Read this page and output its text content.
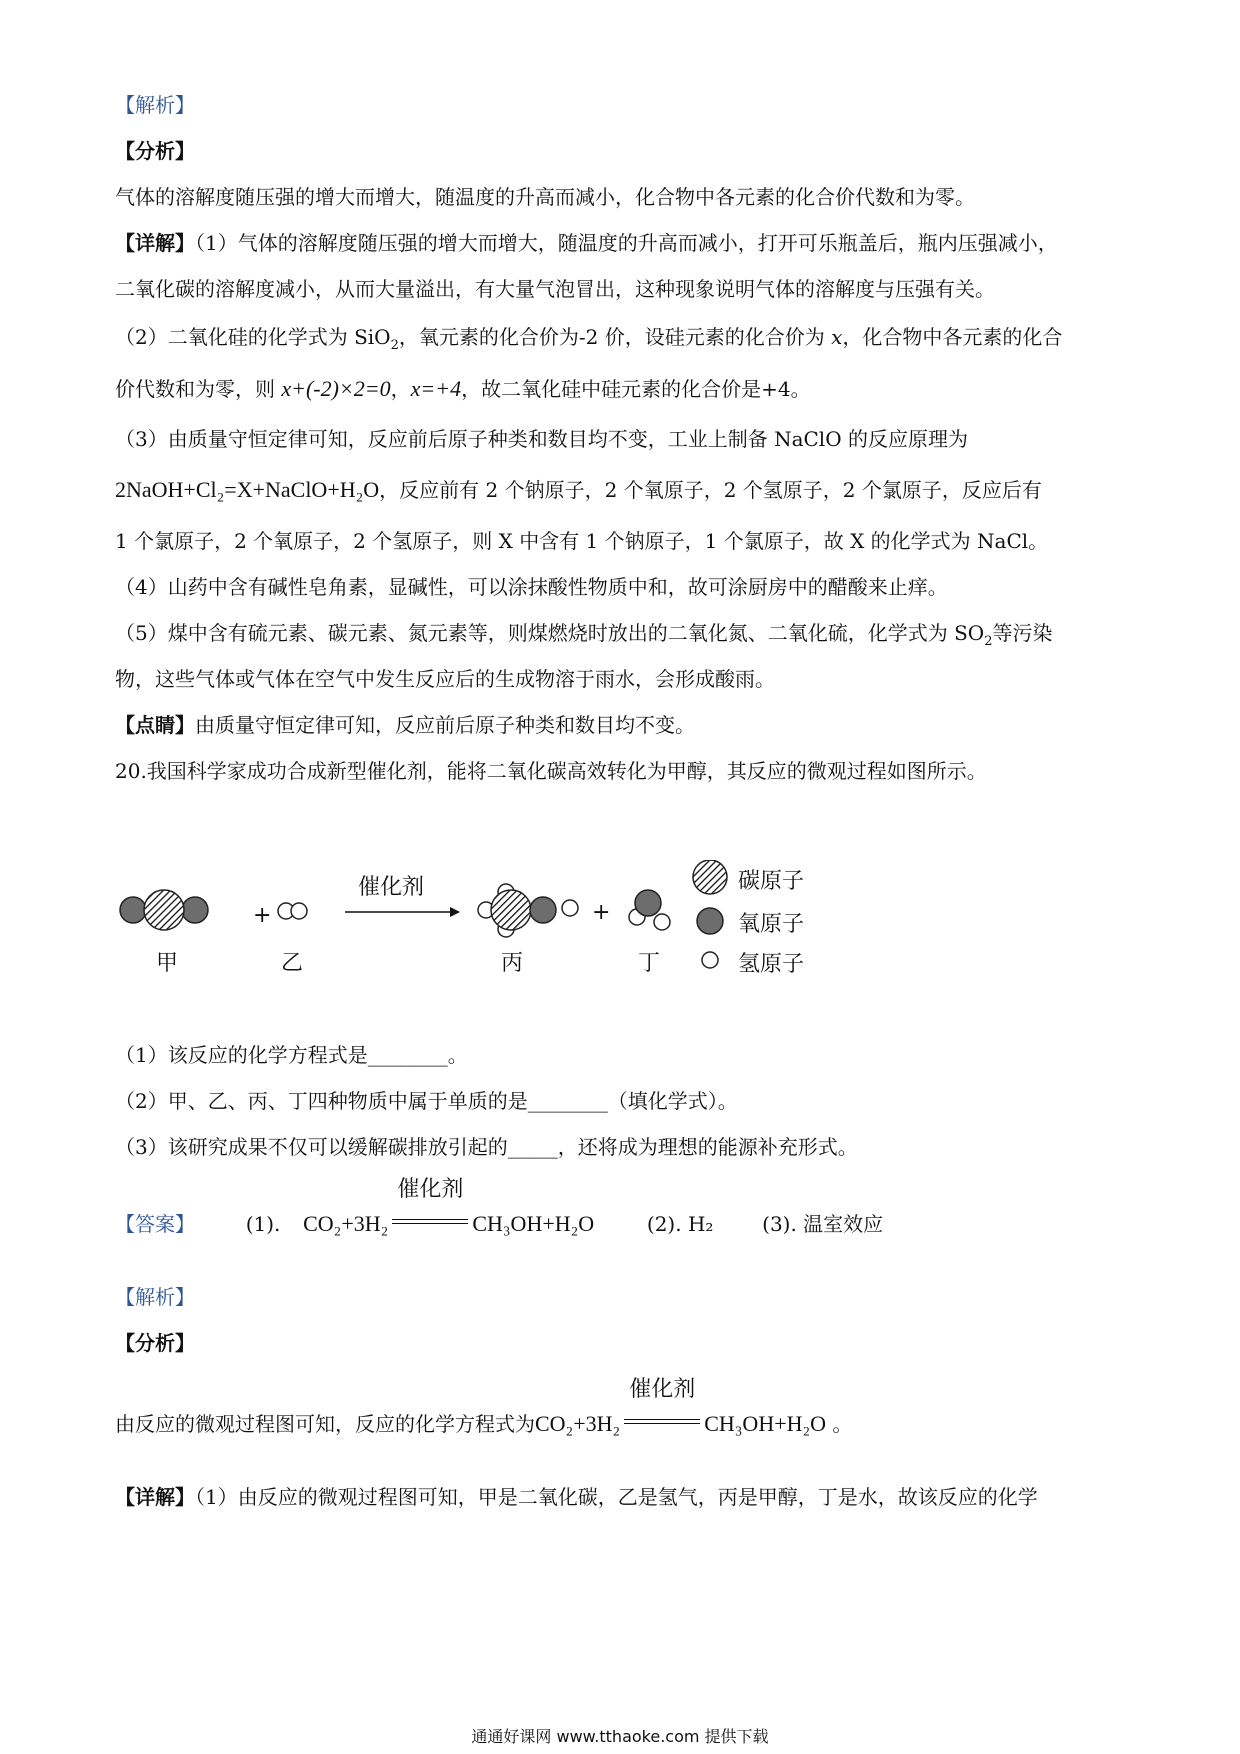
【解析】
【分析】
气体的溶解度随压强的增大而增大，随温度的升高而减小，化合物中各元素的化合价代数和为零。
【详解】（1）气体的溶解度随压强的增大而增大，随温度的升高而减小，打开可乐瓶盖后，瓶内压强减小，
二氧化碳的溶解度减小，从而大量溢出，有大量气泡冒出，这种现象说明气体的溶解度与压强有关。
（2）二氧化硅的化学式为 SiO$_2$，氧元素的化合价为-2 价，设硅元素的化合价为 x，化合物中各元素的化合
价代数和为零，则 x+(-2)×2=0，x=+4，故二氧化硅中硅元素的化合价是+4。
（3）由质量守恒定律可知，反应前后原子种类和数目均不变，工业上制备 NaClO 的反应原理为
2NaOH+Cl₂=X+NaClO+H₂O，反应前有 2 个钠原子，2 个氧原子，2 个氢原子，2 个氯原子，反应后有
1 个氯原子，2 个氧原子，2 个氢原子，则 X 中含有 1 个钠原子，1 个氯原子，故 X 的化学式为 NaCl。
（4）山药中含有碱性皂角素，显碱性，可以涂抹酸性物质中和，故可涂厨房中的醋酸来止痒。
（5）煤中含有硫元素、碳元素、氮元素等，则煤燃烧时放出的二氧化氮、二氧化硫，化学式为 $SO_2$等污染
物，这些气体或气体在空气中发生反应后的生成物溶于雨水，会形成酸雨。
【点睛】由质量守恒定律可知，反应前后原子种类和数目均不变。
20.我国科学家成功合成新型催化剂，能将二氧化碳高效转化为甲醇，其反应的微观过程如图所示。
甲
+
乙
催化剂
丙
+
丁
碳原子
氧原子
氢原子
（1）该反应的化学方程式是________。
（2）甲、乙、丙、丁四种物质中属于单质的是________（填化学式）。
（3）该研究成果不仅可以缓解碳排放引起的_____，还将成为理想的能源补充形式。
【答案】	(1). CO₂+3H₂
催化剂
CH₃OH+H₂O	(2). H₂ (3). 温室效应
【解析】
【分析】
由反应的微观过程图可知，反应的化学方程式为CO₂+3H₂
催化剂
CH₃OH+H₂O 。
【详解】（1）由反应的微观过程图可知，甲是二氧化碳，乙是氢气，丙是甲醇，丁是水，故该反应的化学
通通好课网 www.tthaoke.com 提供下载
